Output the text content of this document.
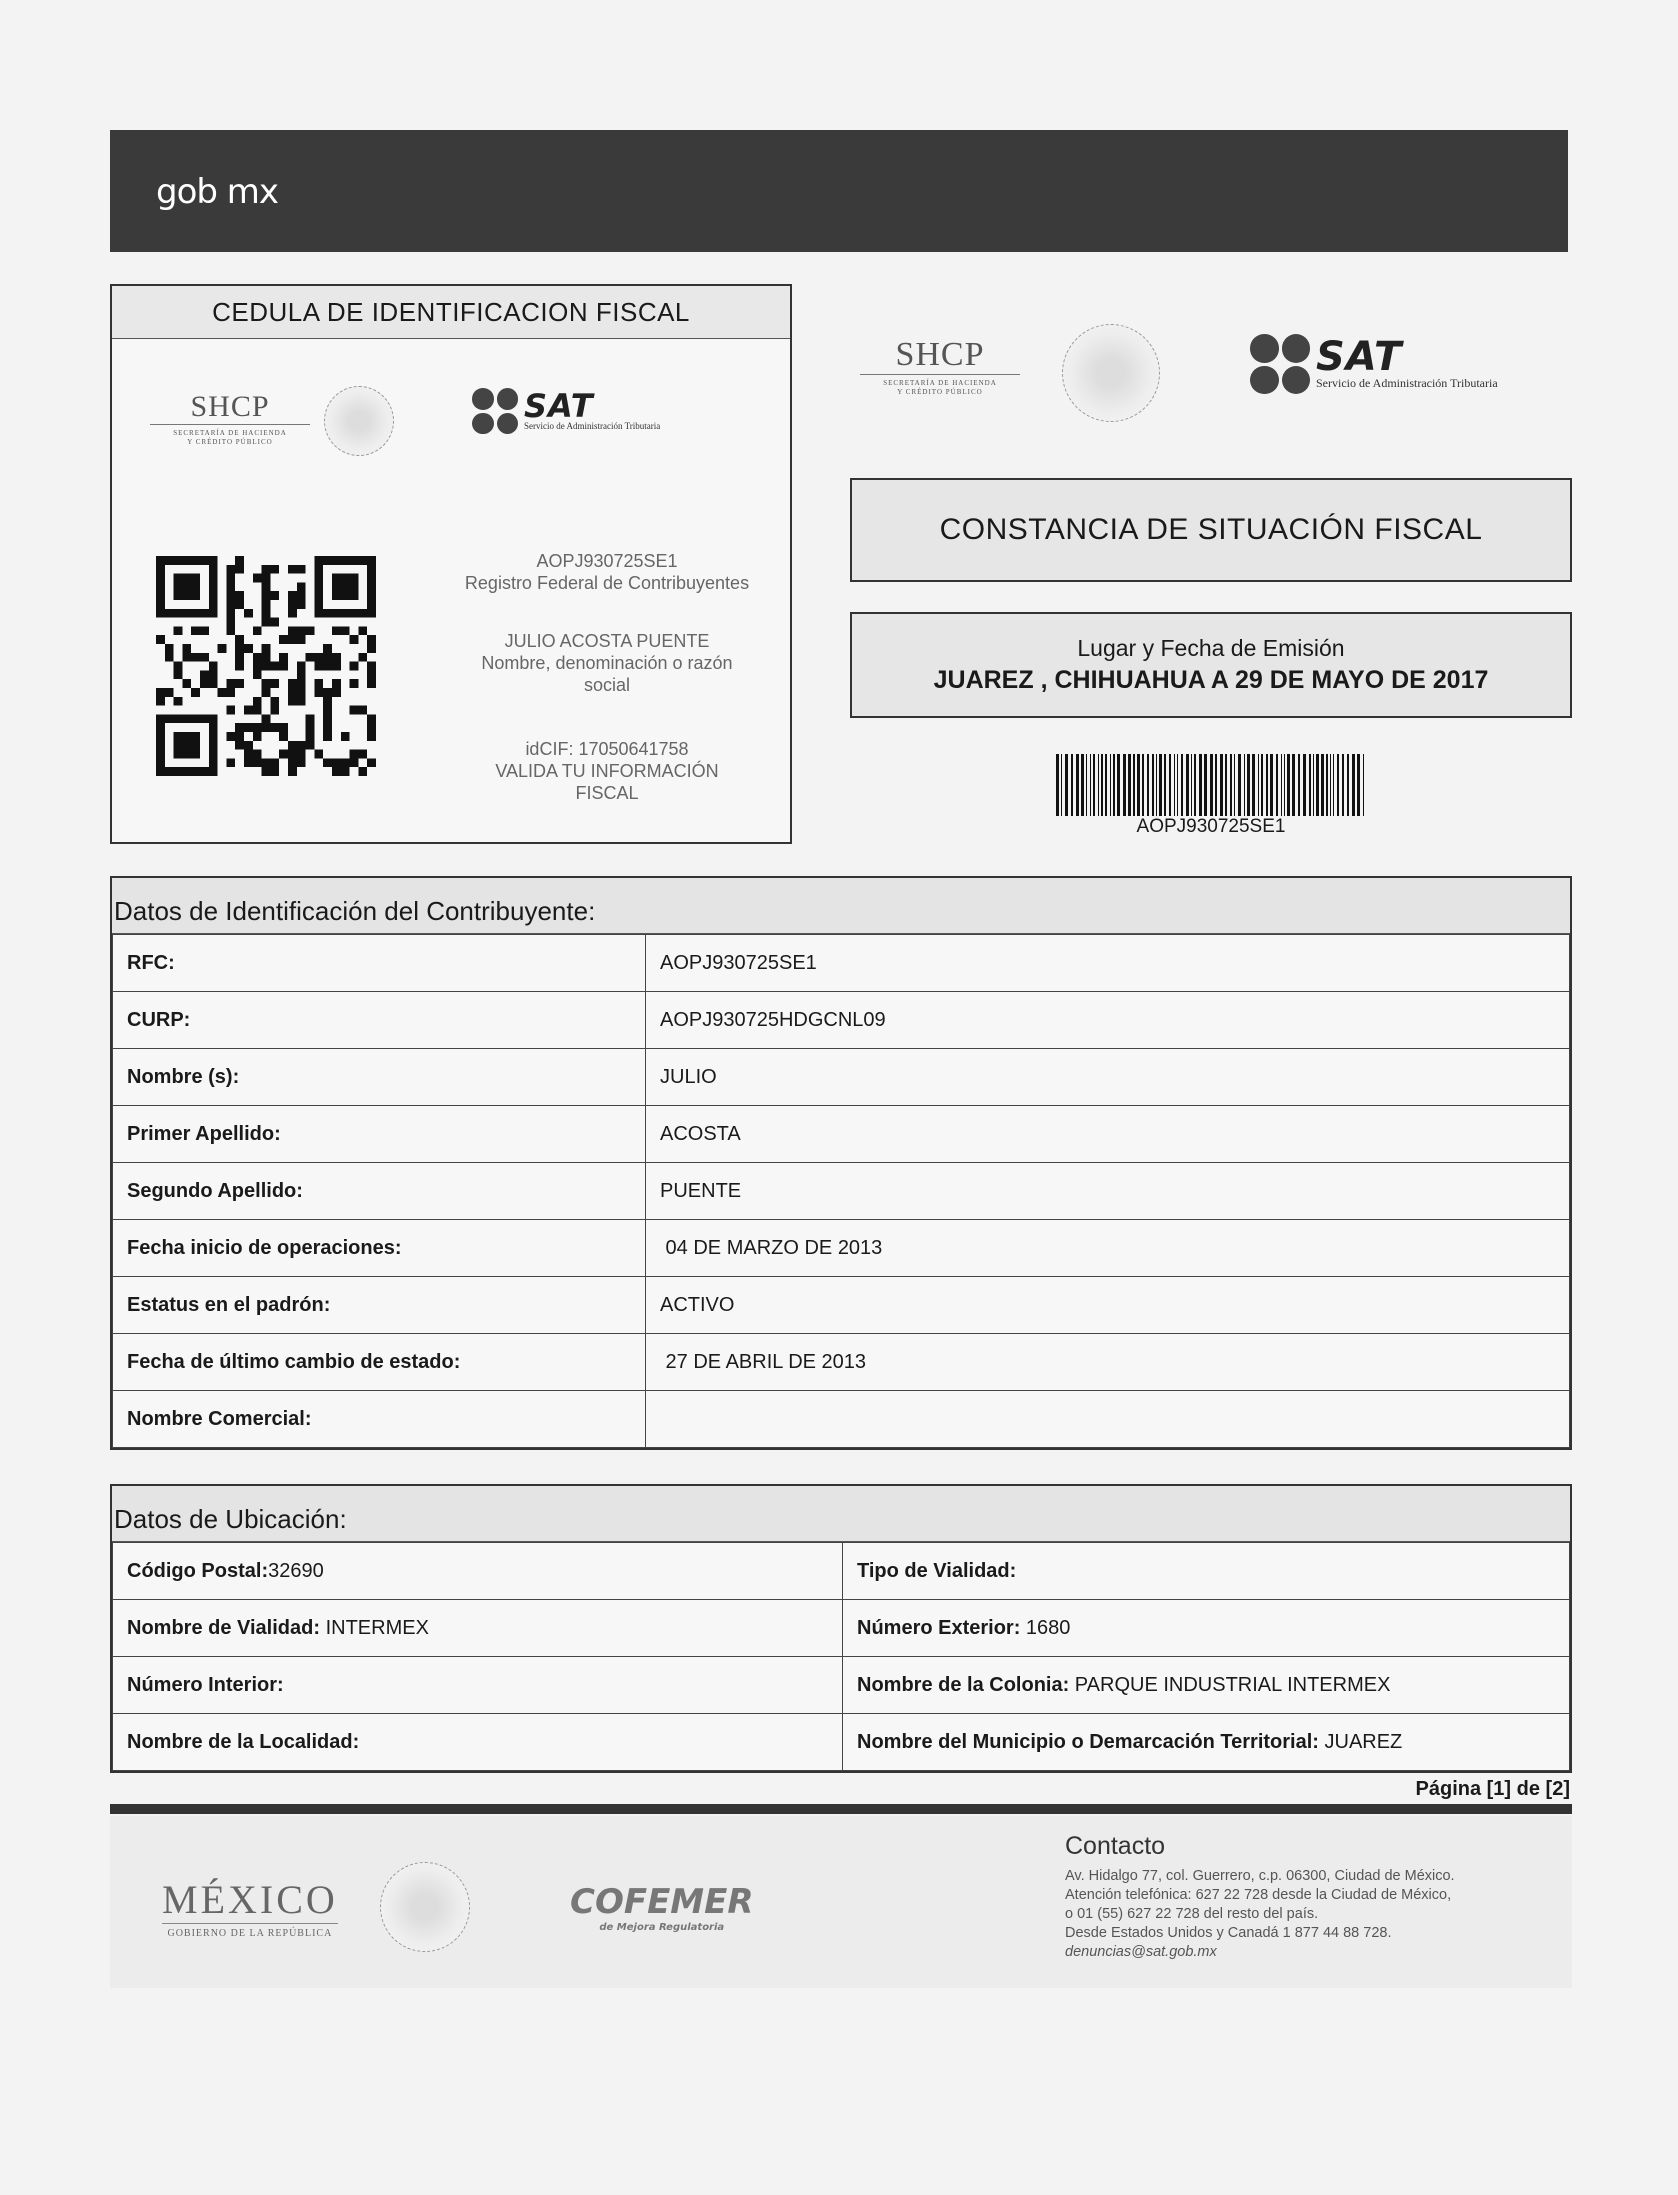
gob mx
CEDULA DE IDENTIFICACION FISCAL
SHCP
SECRETARÍA DE HACIENDA
Y CRÉDITO PÚBLICO
SAT
Servicio de Administración Tributaria
AOPJ930725SE1
Registro Federal de Contribuyentes
JULIO ACOSTA PUENTE
Nombre, denominación o razón
social
idCIF: 17050641758
VALIDA TU INFORMACIÓN
FISCAL
SHCP
SECRETARÍA DE HACIENDA
Y CRÉDITO PÚBLICO
SAT
Servicio de Administración Tributaria
CONSTANCIA DE SITUACIÓN FISCAL
Lugar y Fecha de Emisión
JUAREZ , CHIHUAHUA A 29 DE MAYO DE 2017
AOPJ930725SE1
Datos de Identificación del Contribuyente:
RFC:	AOPJ930725SE1
CURP:	AOPJ930725HDGCNL09
Nombre (s):	JULIO
Primer Apellido:	ACOSTA
Segundo Apellido:	PUENTE
Fecha inicio de operaciones:	04 DE MARZO DE 2013
Estatus en el padrón:	ACTIVO
Fecha de último cambio de estado:	27 DE ABRIL DE 2013
Nombre Comercial:	
Datos de Ubicación:
Código Postal:32690	Tipo de Vialidad:
Nombre de Vialidad: INTERMEX	Número Exterior: 1680
Número Interior:	Nombre de la Colonia: PARQUE INDUSTRIAL INTERMEX
Nombre de la Localidad:	Nombre del Municipio o Demarcación Territorial: JUAREZ
Página [1] de [2]
MÉXICO
GOBIERNO DE LA REPÚBLICA
COFEMER
de Mejora Regulatoria
Contacto
Av. Hidalgo 77, col. Guerrero, c.p. 06300, Ciudad de México.
Atención telefónica: 627 22 728 desde la Ciudad de México,
o 01 (55) 627 22 728 del resto del país.
Desde Estados Unidos y Canadá 1 877 44 88 728.
denuncias@sat.gob.mx
